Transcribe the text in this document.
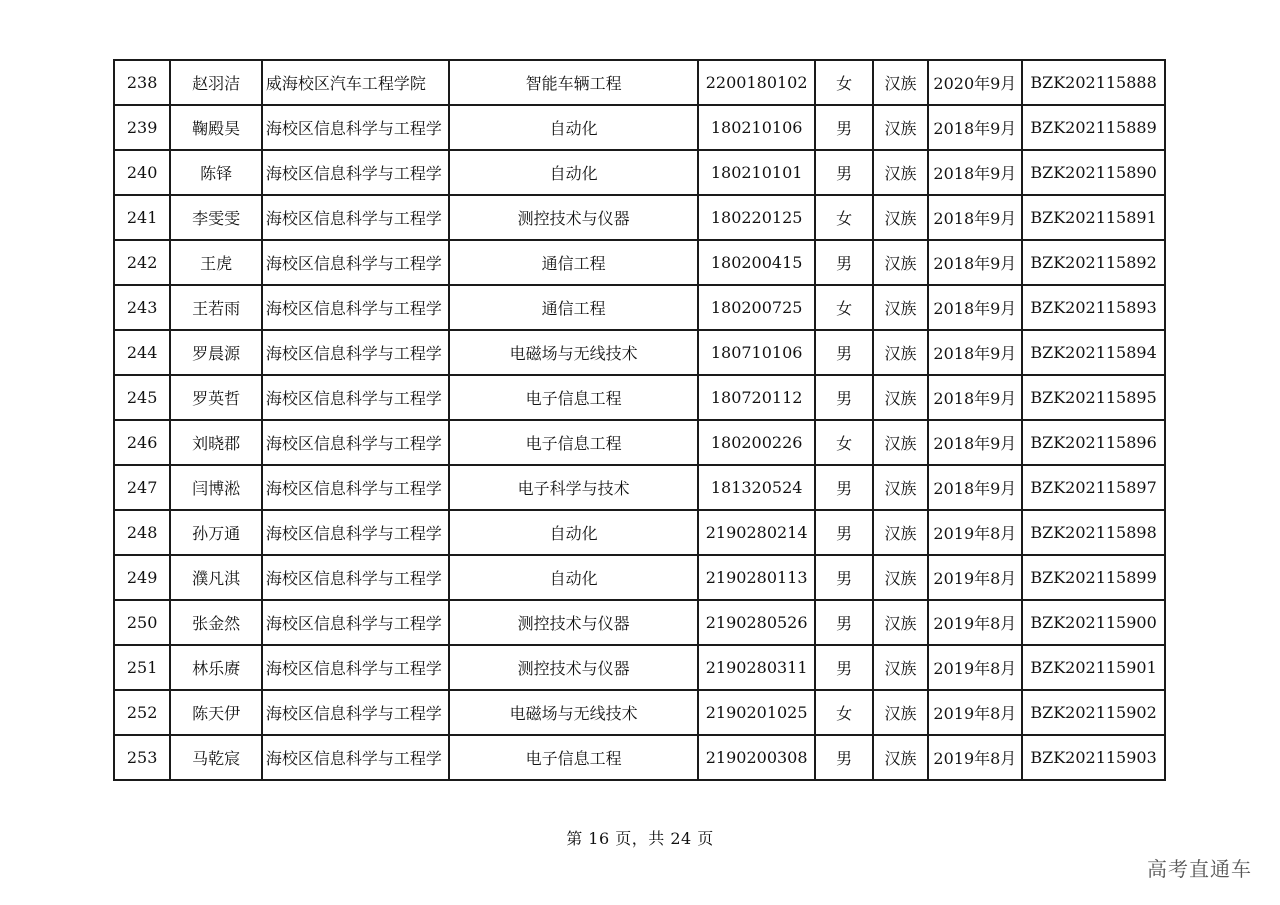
238	赵羽洁	威海校区汽车工程学院	智能车辆工程	2200180102	女	汉族	2020年9月	BZK202115888
239	鞠殿昊	海校区信息科学与工程学	自动化	180210106	男	汉族	2018年9月	BZK202115889
240	陈铎	海校区信息科学与工程学	自动化	180210101	男	汉族	2018年9月	BZK202115890
241	李雯雯	海校区信息科学与工程学	测控技术与仪器	180220125	女	汉族	2018年9月	BZK202115891
242	王虎	海校区信息科学与工程学	通信工程	180200415	男	汉族	2018年9月	BZK202115892
243	王若雨	海校区信息科学与工程学	通信工程	180200725	女	汉族	2018年9月	BZK202115893
244	罗晨源	海校区信息科学与工程学	电磁场与无线技术	180710106	男	汉族	2018年9月	BZK202115894
245	罗英哲	海校区信息科学与工程学	电子信息工程	180720112	男	汉族	2018年9月	BZK202115895
246	刘晓郡	海校区信息科学与工程学	电子信息工程	180200226	女	汉族	2018年9月	BZK202115896
247	闫博淞	海校区信息科学与工程学	电子科学与技术	181320524	男	汉族	2018年9月	BZK202115897
248	孙万通	海校区信息科学与工程学	自动化	2190280214	男	汉族	2019年8月	BZK202115898
249	濮凡淇	海校区信息科学与工程学	自动化	2190280113	男	汉族	2019年8月	BZK202115899
250	张金然	海校区信息科学与工程学	测控技术与仪器	2190280526	男	汉族	2019年8月	BZK202115900
251	林乐赓	海校区信息科学与工程学	测控技术与仪器	2190280311	男	汉族	2019年8月	BZK202115901
252	陈天伊	海校区信息科学与工程学	电磁场与无线技术	2190201025	女	汉族	2019年8月	BZK202115902
253	马乾宸	海校区信息科学与工程学	电子信息工程	2190200308	男	汉族	2019年8月	BZK202115903
第 16 页，共 24 页
高考直通车
